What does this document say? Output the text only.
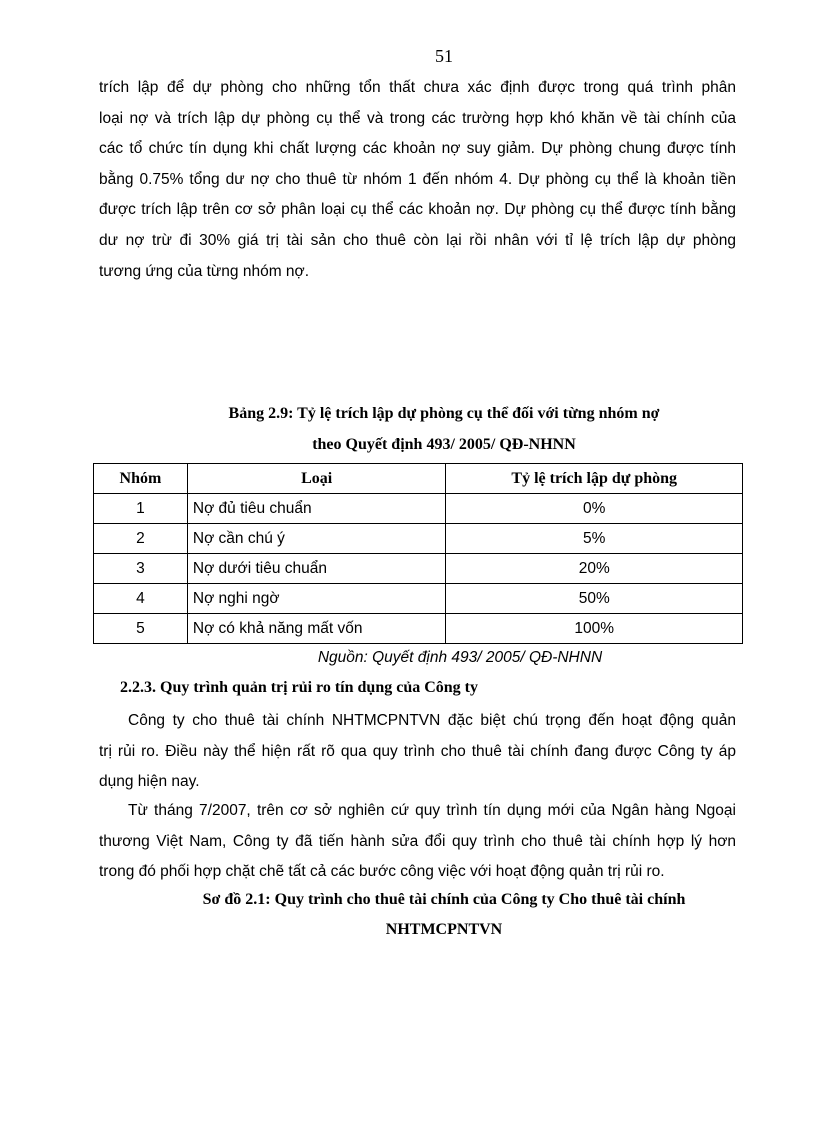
51
trích lập để dự phòng cho những tổn thất chưa xác định được trong quá trình phân
loại nợ và trích lập dự phòng cụ thể và trong các trường hợp khó khăn về tài chính của
các tổ chức tín dụng khi chất lượng các khoản nợ suy giảm. Dự phòng chung được tính
bằng 0.75% tổng dư nợ cho thuê từ nhóm 1 đến nhóm 4. Dự phòng cụ thể là khoản tiền
được trích lập trên cơ sở phân loại cụ thể các khoản nợ. Dự phòng cụ thể được tính bằng
dư nợ trừ đi 30% giá trị tài sản cho thuê còn lại rồi nhân với tỉ lệ trích lập dự phòng
tương ứng của từng nhóm nợ.
Bảng 2.9: Tỷ lệ trích lập dự phòng cụ thể đối với từng nhóm nợ
theo Quyết định 493/ 2005/ QĐ-NHNN
Nhóm	Loại	Tỷ lệ trích lập dự phòng
1	Nợ đủ tiêu chuẩn	0%
2	Nợ cần chú ý	5%
3	Nợ dưới tiêu chuẩn	20%
4	Nợ nghi ngờ	50%
5	Nợ có khả năng mất vốn	100%
Nguồn: Quyết định 493/ 2005/ QĐ-NHNN
2.2.3. Quy trình quản trị rủi ro tín dụng của Công ty
Công ty cho thuê tài chính NHTMCPNTVN đặc biệt chú trọng đến hoạt động quản
trị rủi ro. Điều này thể hiện rất rõ qua quy trình cho thuê tài chính đang được Công ty áp
dụng hiện nay.
Từ tháng 7/2007, trên cơ sở nghiên cứ quy trình tín dụng mới của Ngân hàng Ngoại
thương Việt Nam, Công ty đã tiến hành sửa đổi quy trình cho thuê tài chính hợp lý hơn
trong đó phối hợp chặt chẽ tất cả các bước công việc với hoạt động quản trị rủi ro.
Sơ đồ 2.1: Quy trình cho thuê tài chính của Công ty Cho thuê tài chính
NHTMCPNTVN
